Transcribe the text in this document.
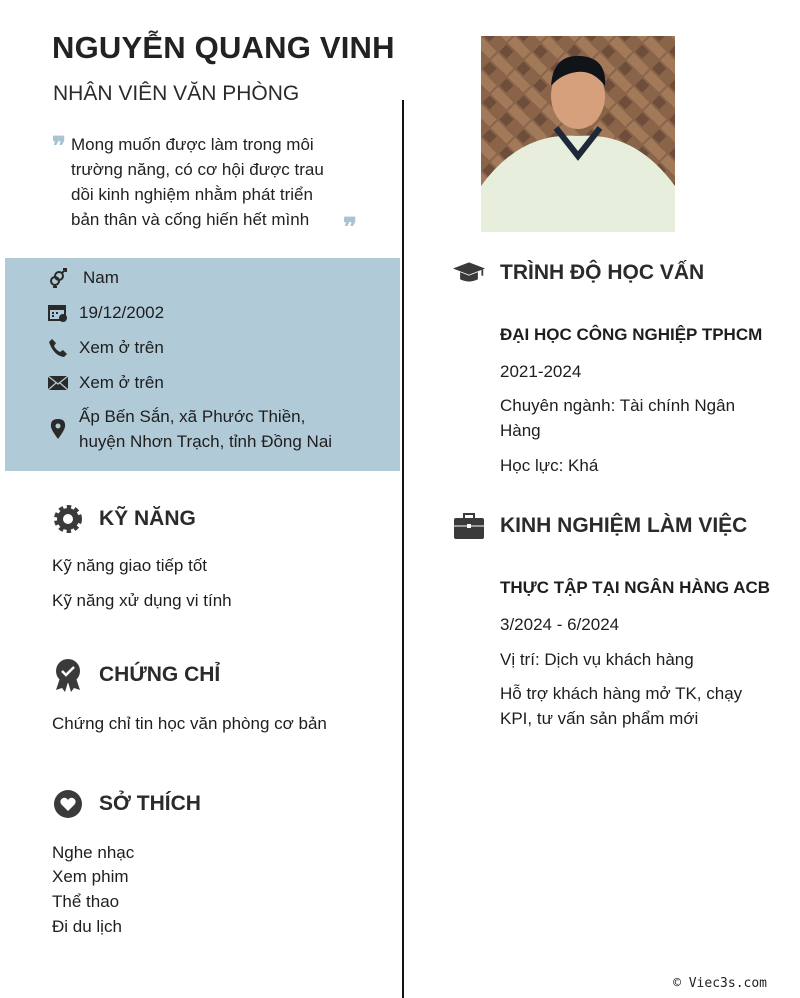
NGUYỄN QUANG VINH
NHÂN VIÊN VĂN PHÒNG
❞ Mong muốn được làm trong môi
trường năng, có cơ hội được trau
dồi kinh nghiệm nhằm phát triển
bản thân và cống hiến hết mình	❞
Nam
19/12/2002
Xem ở trên
Xem ở trên
Ấp Bến Sắn, xã Phước Thiền,
huyện Nhơn Trạch, tỉnh Đồng Nai
KỸ NĂNG
Kỹ năng giao tiếp tốt
Kỹ năng xử dụng vi tính
CHỨNG CHỈ
Chứng chỉ tin học văn phòng cơ bản
SỞ THÍCH
Nghe nhạc
Xem phim
Thể thao
Đi du lịch
TRÌNH ĐỘ HỌC VẤN
ĐẠI HỌC CÔNG NGHIỆP TPHCM
2021-2024
Chuyên ngành: Tài chính Ngân
Hàng
Học lực: Khá
KINH NGHIỆM LÀM VIỆC
THỰC TẬP TẠI NGÂN HÀNG ACB
3/2024 - 6/2024
Vị trí: Dịch vụ khách hàng
Hỗ trợ khách hàng mở TK, chạy
KPI, tư vấn sản phẩm mới
© Viec3s.com
